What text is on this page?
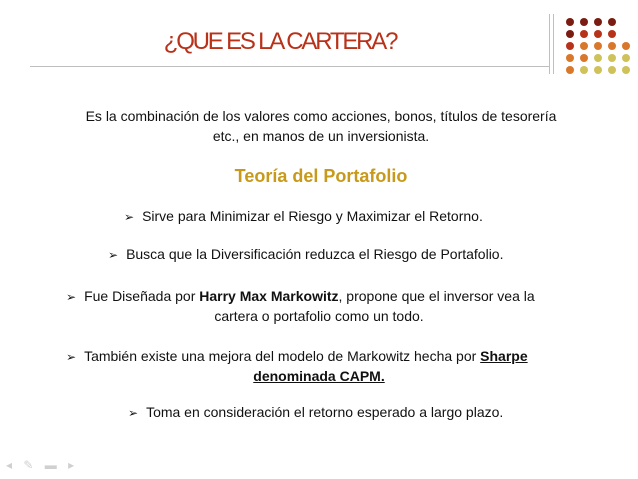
¿QUE ES LA CARTERA?
Es la combinación de los valores como acciones, bonos, títulos de tesorería
etc., en manos de un inversionista.
Teoría del Portafolio
➢ Sirve para Minimizar el Riesgo y Maximizar el Retorno.
➢ Busca que la Diversificación reduzca el Riesgo de Portafolio.
➢ Fue Diseñada por Harry Max Markowitz, propone que el inversor vea la
cartera o portafolio como un todo.
➢ También existe una mejora del modelo de Markowitz hecha por Sharpe
denominada CAPM.
➢ Toma en consideración el retorno esperado a largo plazo.
◂ ✎ ▬ ▸
